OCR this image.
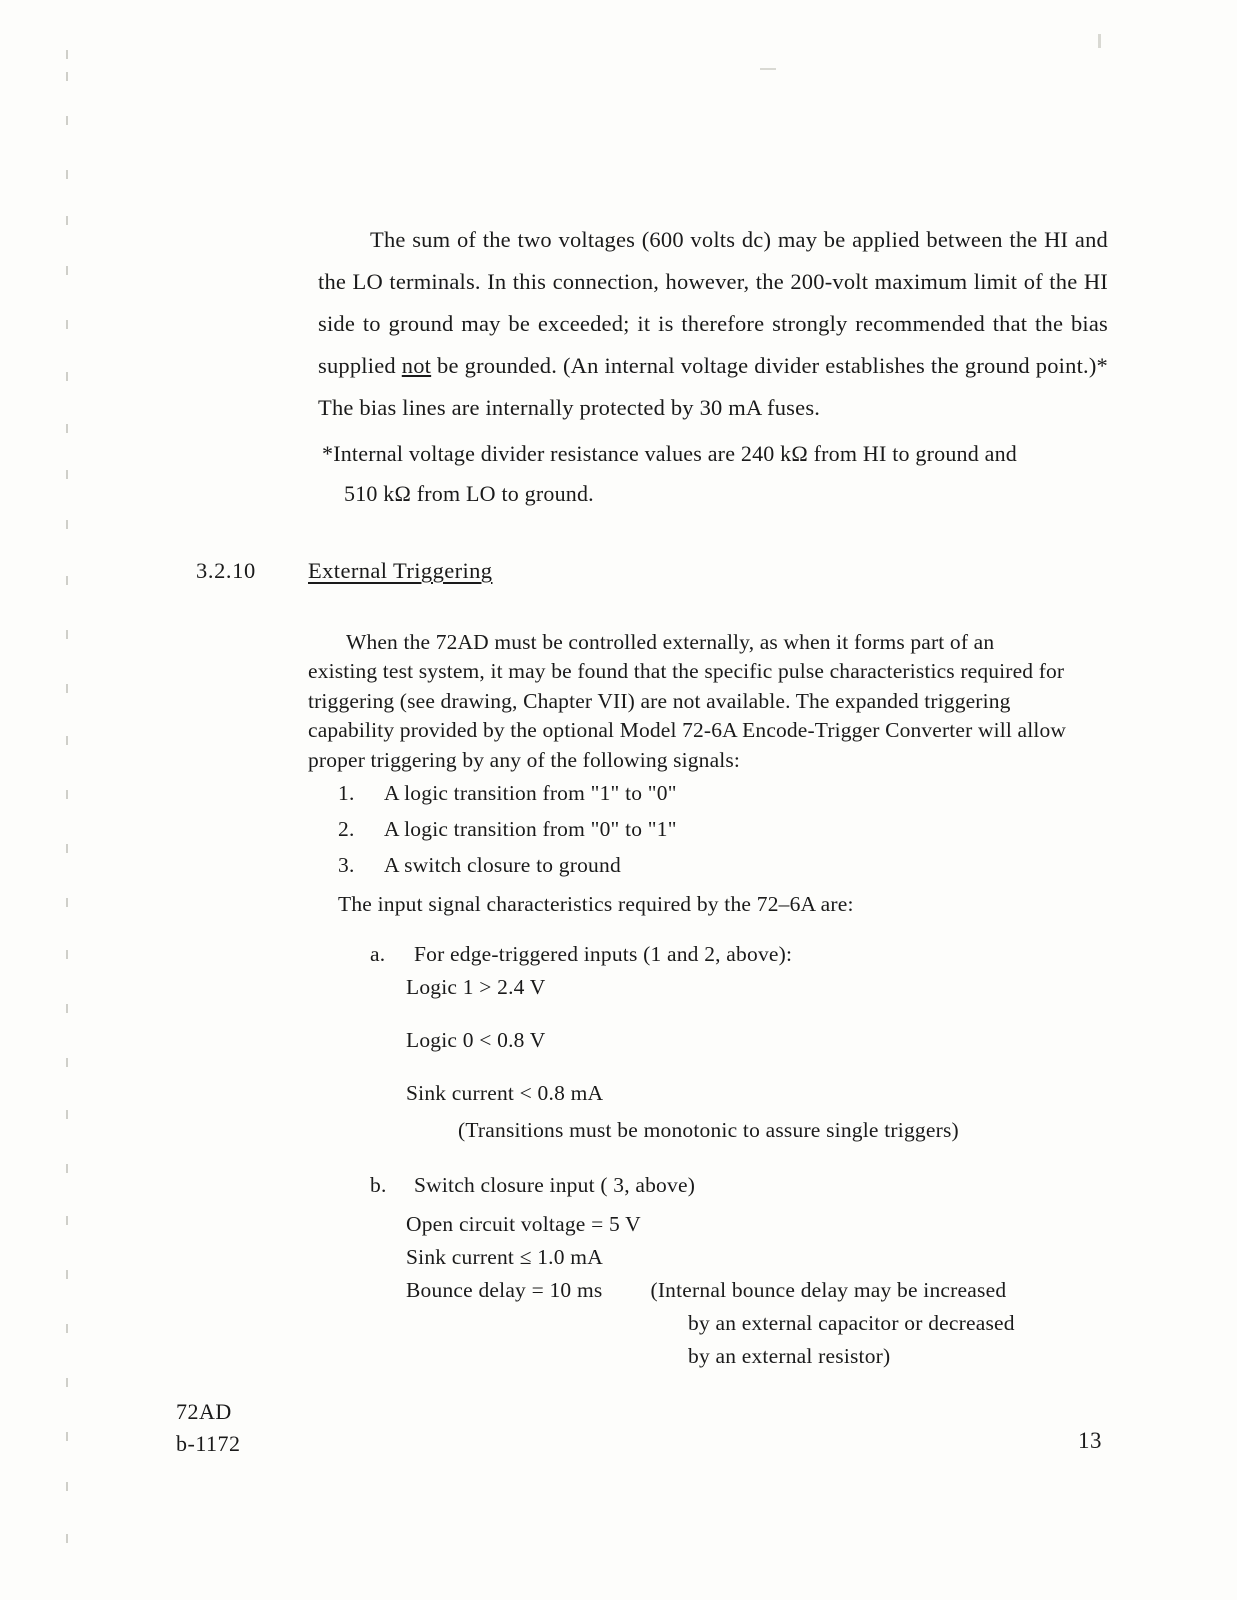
The sum of the two voltages (600 volts dc) may be applied between the HI and the LO terminals. In this connection, however, the 200-volt maximum limit of the HI side to ground may be exceeded; it is therefore strongly recommended that the bias supplied not be grounded. (An internal voltage divider establishes the ground point.)* The bias lines are internally protected by 30 mA fuses.

*Internal voltage divider resistance values are 240 kΩ from HI to ground and
510 kΩ from LO to ground.
3.2.10 External Triggering

When the 72AD must be controlled externally, as when it forms part of an existing test system, it may be found that the specific pulse characteristics required for triggering (see drawing, Chapter VII) are not available. The expanded triggering capability provided by the optional Model 72-6A Encode-Trigger Converter will allow proper triggering by any of the following signals:

1. A logic transition from "1" to "0"
2. A logic transition from "0" to "1"
3. A switch closure to ground
The input signal characteristics required by the 72–6A are:
a. For edge-triggered inputs (1 and 2, above):
Logic 1 > 2.4 V
Logic 0 < 0.8 V
Sink current < 0.8 mA
(Transitions must be monotonic to assure single triggers)
b. Switch closure input ( 3, above)
Open circuit voltage = 5 V
Sink current ≤ 1.0 mA
Bounce delay = 10 ms (Internal bounce delay may be increased
by an external capacitor or decreased
by an external resistor)
72AD
b-1172	13
